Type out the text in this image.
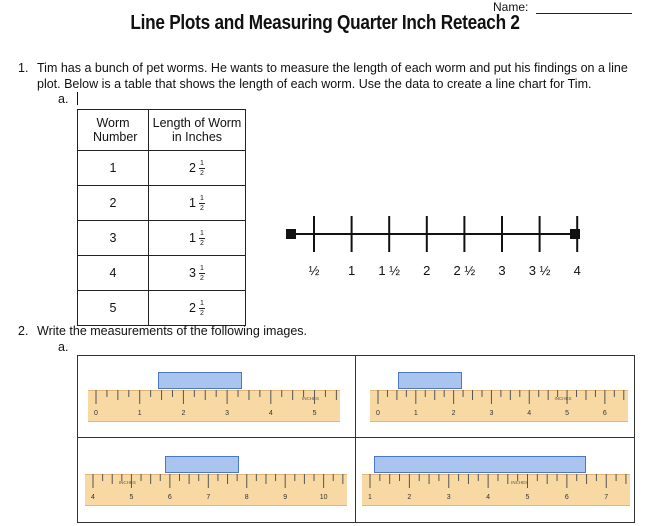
Name:
Line Plots and Measuring Quarter Inch Reteach 2
1. Tim has a bunch of pet worms. He wants to measure the length of each worm and put his findings on a line plot. Below is a table that shows the length of each worm. Use the data to create a line chart for Tim.
a.
Worm Number	Length of Worm in Inches

1	2 1
2

2	1 1
2

3	1 1
2

4	3 1
2

5	2 1
2
½ 1 1 ½ 2 2 ½ 3 3 ½ 4
2. Write the measurements of the following images.
a.
0	1	2	3	4	5
INCHES
0	1	2	3	4	5	6
INCHES
4	5	6	7	8	9	10
INCHES
1	2	3	4	5	6	7
INCHES
